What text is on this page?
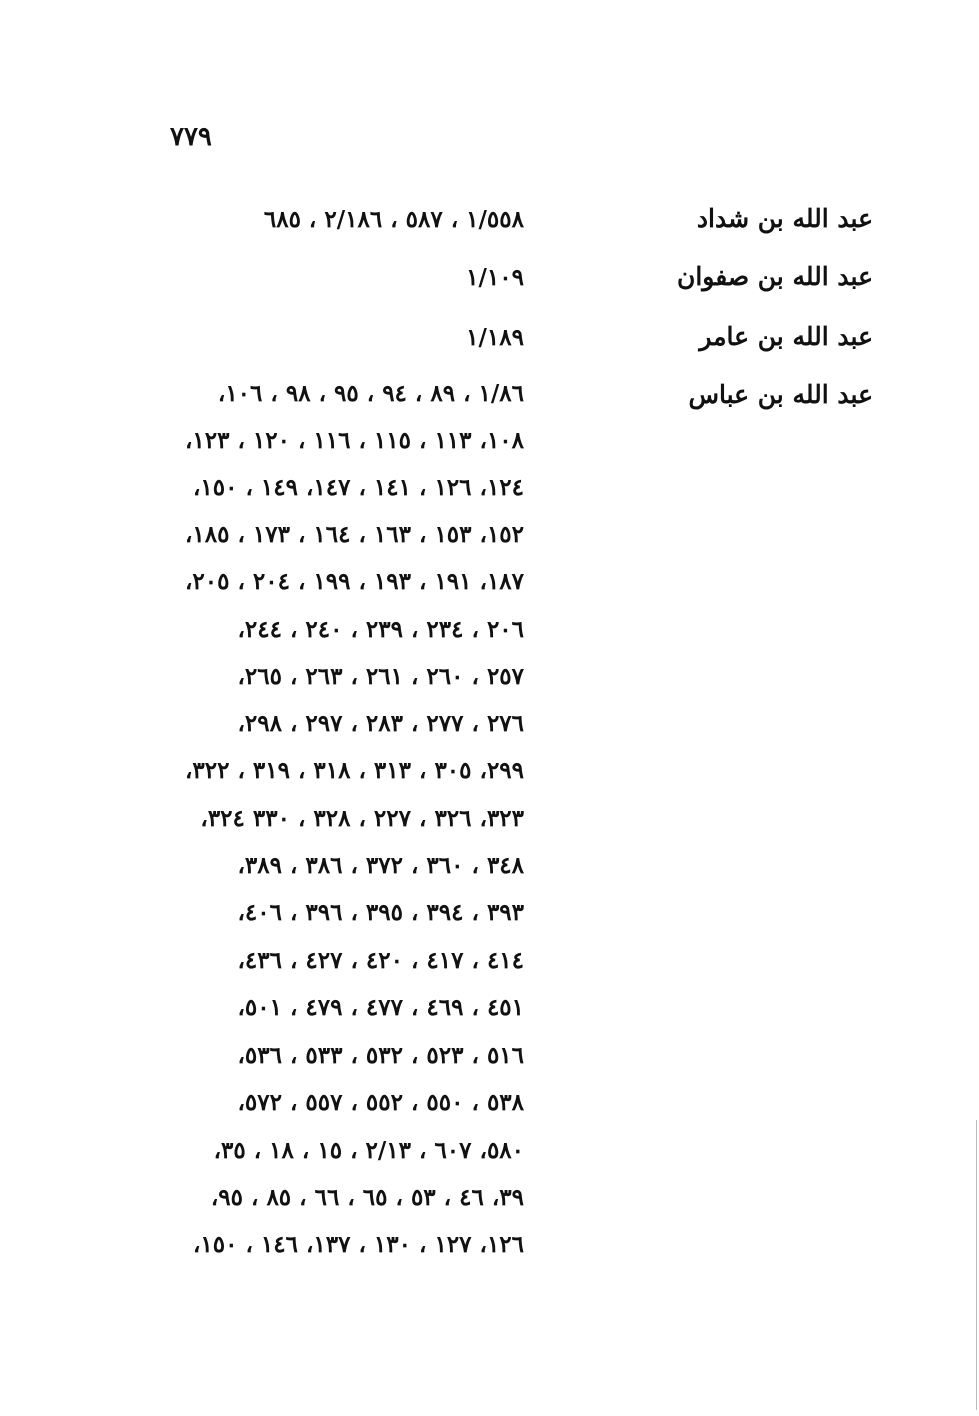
٧٧٩
عبد الله بن شداد
١/٥٥٨ ، ٥٨٧ ، ٢/١٨٦ ، ٦٨٥
عبد الله بن صفوان
١/١٠٩
عبد الله بن عامر
١/١٨٩
عبد الله بن عباس
١/٨٦ ، ٨٩ ، ٩٤ ، ٩٥ ، ٩٨ ، ١٠٦،
١٠٨، ١١٣ ، ١١٥ ، ١١٦ ، ١٢٠ ، ١٢٣،
١٢٤، ١٢٦ ، ١٤١ ، ١٤٧، ١٤٩ ، ١٥٠،
١٥٢، ١٥٣ ، ١٦٣ ، ١٦٤ ، ١٧٣ ، ١٨٥،
١٨٧، ١٩١ ، ١٩٣ ، ١٩٩ ، ٢٠٤ ، ٢٠٥،
٢٠٦ ، ٢٣٤ ، ٢٣٩ ، ٢٤٠ ، ٢٤٤،
٢٥٧ ، ٢٦٠ ، ٢٦١ ، ٢٦٣ ، ٢٦٥،
٢٧٦ ، ٢٧٧ ، ٢٨٣ ، ٢٩٧ ، ٢٩٨،
٢٩٩، ٣٠٥ ، ٣١٣ ، ٣١٨ ، ٣١٩ ، ٣٢٢،
٣٢٣، ٣٢٦ ، ٢٢٧ ، ٣٢٨ ، ٣٣٠ ٣٢٤،
٣٤٨ ، ٣٦٠ ، ٣٧٢ ، ٣٨٦ ، ٣٨٩،
٣٩٣ ، ٣٩٤ ، ٣٩٥ ، ٣٩٦ ، ٤٠٦،
٤١٤ ، ٤١٧ ، ٤٢٠ ، ٤٢٧ ، ٤٣٦،
٤٥١ ، ٤٦٩ ، ٤٧٧ ، ٤٧٩ ، ٥٠١،
٥١٦ ، ٥٢٣ ، ٥٣٢ ، ٥٣٣ ، ٥٣٦،
٥٣٨ ، ٥٥٠ ، ٥٥٢ ، ٥٥٧ ، ٥٧٢،
٥٨٠، ٦٠٧ ، ٢/١٣ ، ١٥ ، ١٨ ، ٣٥،
٣٩، ٤٦ ، ٥٣ ، ٦٥ ، ٦٦ ، ٨٥ ، ٩٥،
١٢٦، ١٢٧ ، ١٣٠ ، ١٣٧، ١٤٦ ، ١٥٠،
